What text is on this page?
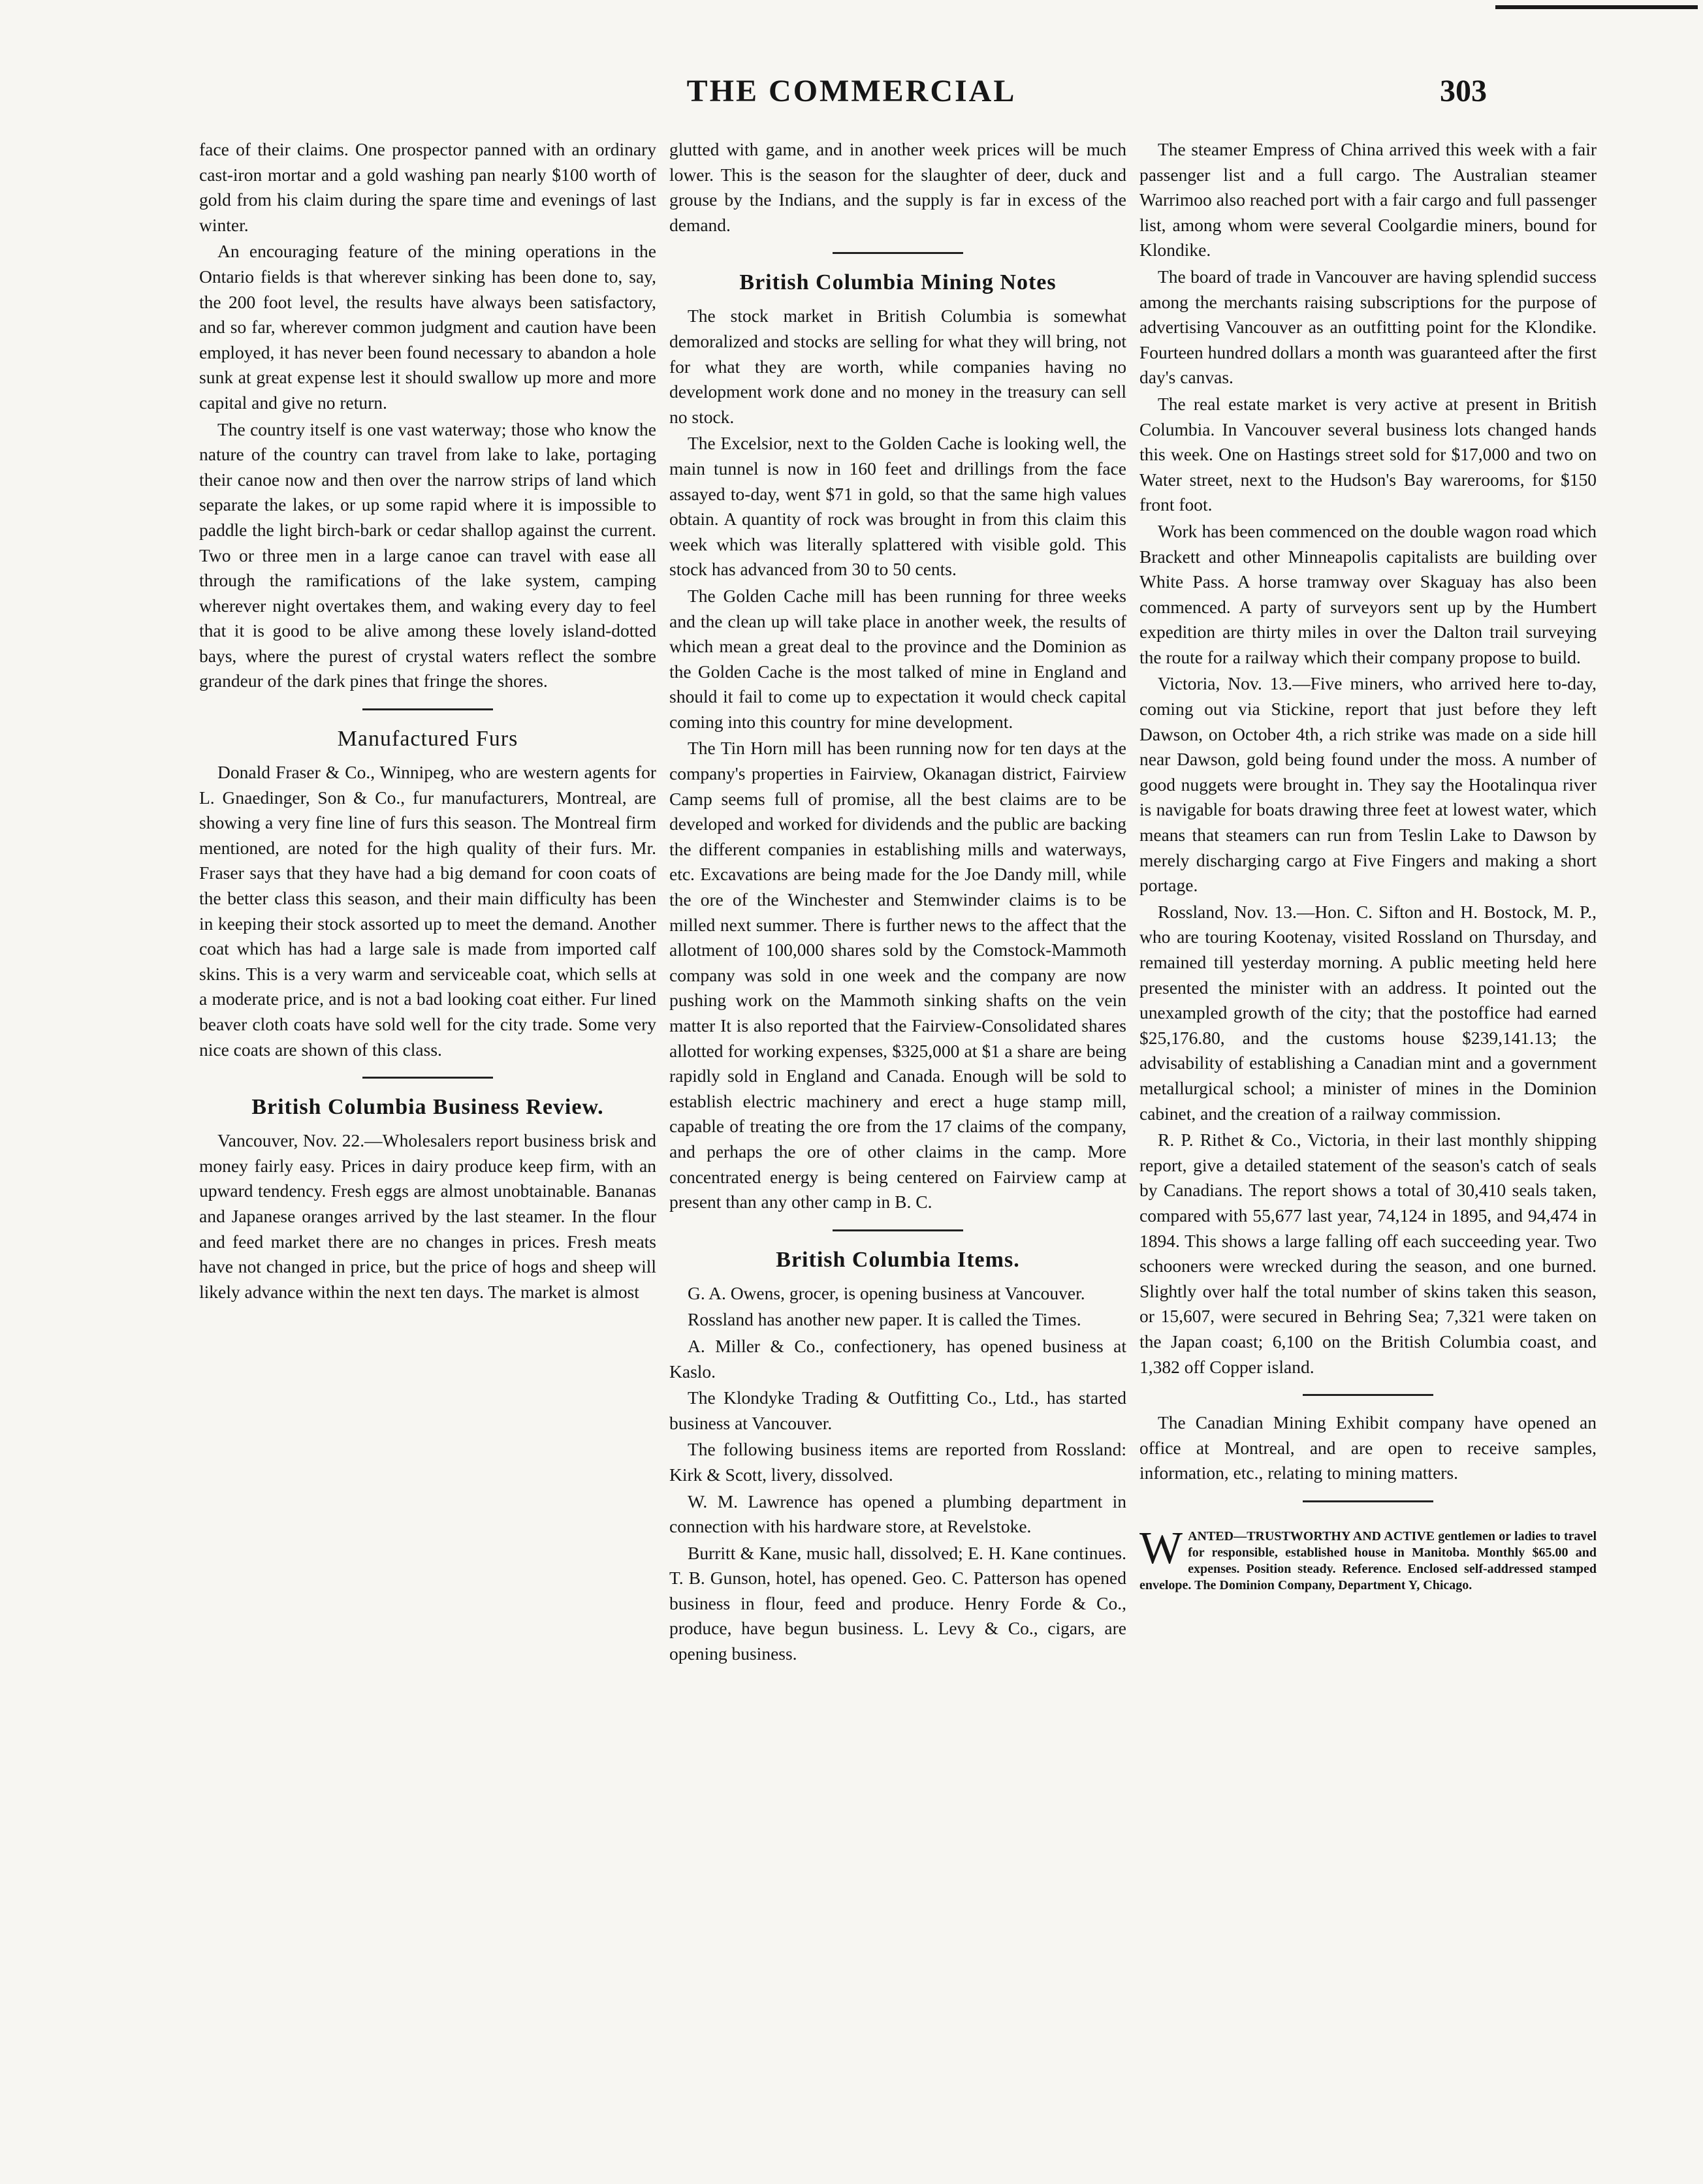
THE COMMERCIAL	303

face of their claims. One prospector panned with an ordinary cast-iron mortar and a gold washing pan nearly $100 worth of gold from his claim during the spare time and evenings of last winter.

An encouraging feature of the mining operations in the Ontario fields is that wherever sinking has been done to, say, the 200 foot level, the results have always been satisfactory, and so far, wherever common judgment and caution have been employed, it has never been found necessary to abandon a hole sunk at great expense lest it should swallow up more and more capital and give no return.

The country itself is one vast waterway; those who know the nature of the country can travel from lake to lake, portaging their canoe now and then over the narrow strips of land which separate the lakes, or up some rapid where it is impossible to paddle the light birch-bark or cedar shallop against the current. Two or three men in a large canoe can travel with ease all through the ramifications of the lake system, camping wherever night overtakes them, and waking every day to feel that it is good to be alive among these lovely island-dotted bays, where the purest of crystal waters reflect the sombre grandeur of the dark pines that fringe the shores.

Manufactured Furs

Donald Fraser & Co., Winnipeg, who are western agents for L. Gnaedinger, Son & Co., fur manufacturers, Montreal, are showing a very fine line of furs this season. The Montreal firm mentioned, are noted for the high quality of their furs. Mr. Fraser says that they have had a big demand for coon coats of the better class this season, and their main difficulty has been in keeping their stock assorted up to meet the demand. Another coat which has had a large sale is made from imported calf skins. This is a very warm and serviceable coat, which sells at a moderate price, and is not a bad looking coat either. Fur lined beaver cloth coats have sold well for the city trade. Some very nice coats are shown of this class.

British Columbia Business Review.

Vancouver, Nov. 22.—Wholesalers report business brisk and money fairly easy. Prices in dairy produce keep firm, with an upward tendency. Fresh eggs are almost unobtainable. Bananas and Japanese oranges arrived by the last steamer. In the flour and feed market there are no changes in prices. Fresh meats have not changed in price, but the price of hogs and sheep will likely advance within the next ten days. The market is almost

glutted with game, and in another week prices will be much lower. This is the season for the slaughter of deer, duck and grouse by the Indians, and the supply is far in excess of the demand.

British Columbia Mining Notes

The stock market in British Columbia is somewhat demoralized and stocks are selling for what they will bring, not for what they are worth, while companies having no development work done and no money in the treasury can sell no stock.

The Excelsior, next to the Golden Cache is looking well, the main tunnel is now in 160 feet and drillings from the face assayed to-day, went $71 in gold, so that the same high values obtain. A quantity of rock was brought in from this claim this week which was literally splattered with visible gold. This stock has advanced from 30 to 50 cents.

The Golden Cache mill has been running for three weeks and the clean up will take place in another week, the results of which mean a great deal to the province and the Dominion as the Golden Cache is the most talked of mine in England and should it fail to come up to expectation it would check capital coming into this country for mine development.

The Tin Horn mill has been running now for ten days at the company's properties in Fairview, Okanagan district, Fairview Camp seems full of promise, all the best claims are to be developed and worked for dividends and the public are backing the different companies in establishing mills and waterways, etc. Excavations are being made for the Joe Dandy mill, while the ore of the Winchester and Stemwinder claims is to be milled next summer. There is further news to the affect that the allotment of 100,000 shares sold by the Comstock-Mammoth company was sold in one week and the company are now pushing work on the Mammoth sinking shafts on the vein matter It is also reported that the Fairview-Consolidated shares allotted for working expenses, $325,000 at $1 a share are being rapidly sold in England and Canada. Enough will be sold to establish electric machinery and erect a huge stamp mill, capable of treating the ore from the 17 claims of the company, and perhaps the ore of other claims in the camp. More concentrated energy is being centered on Fairview camp at present than any other camp in B. C.

British Columbia Items.

G. A. Owens, grocer, is opening business at Vancouver.

Rossland has another new paper. It is called the Times.

A. Miller & Co., confectionery, has opened business at Kaslo.

The Klondyke Trading & Outfitting Co., Ltd., has started business at Vancouver.

The following business items are reported from Rossland: Kirk & Scott, livery, dissolved.

W. M. Lawrence has opened a plumbing department in connection with his hardware store, at Revelstoke.

Burritt & Kane, music hall, dissolved; E. H. Kane continues. T. B. Gunson, hotel, has opened. Geo. C. Patterson has opened business in flour, feed and produce. Henry Forde & Co., produce, have begun business. L. Levy & Co., cigars, are opening business.

The steamer Empress of China arrived this week with a fair passenger list and a full cargo. The Australian steamer Warrimoo also reached port with a fair cargo and full passenger list, among whom were several Coolgardie miners, bound for Klondike.

The board of trade in Vancouver are having splendid success among the merchants raising subscriptions for the purpose of advertising Vancouver as an outfitting point for the Klondike. Fourteen hundred dollars a month was guaranteed after the first day's canvas.

The real estate market is very active at present in British Columbia. In Vancouver several business lots changed hands this week. One on Hastings street sold for $17,000 and two on Water street, next to the Hudson's Bay warerooms, for $150 front foot.

Work has been commenced on the double wagon road which Brackett and other Minneapolis capitalists are building over White Pass. A horse tramway over Skaguay has also been commenced. A party of surveyors sent up by the Humbert expedition are thirty miles in over the Dalton trail surveying the route for a railway which their company propose to build.

Victoria, Nov. 13.—Five miners, who arrived here to-day, coming out via Stickine, report that just before they left Dawson, on October 4th, a rich strike was made on a side hill near Dawson, gold being found under the moss. A number of good nuggets were brought in. They say the Hootalinqua river is navigable for boats drawing three feet at lowest water, which means that steamers can run from Teslin Lake to Dawson by merely discharging cargo at Five Fingers and making a short portage.

Rossland, Nov. 13.—Hon. C. Sifton and H. Bostock, M. P., who are touring Kootenay, visited Rossland on Thursday, and remained till yesterday morning. A public meeting held here presented the minister with an address. It pointed out the unexampled growth of the city; that the postoffice had earned $25,176.80, and the customs house $239,141.13; the advisability of establishing a Canadian mint and a government metallurgical school; a minister of mines in the Dominion cabinet, and the creation of a railway commission.

R. P. Rithet & Co., Victoria, in their last monthly shipping report, give a detailed statement of the season's catch of seals by Canadians. The report shows a total of 30,410 seals taken, compared with 55,677 last year, 74,124 in 1895, and 94,474 in 1894. This shows a large falling off each succeeding year. Two schooners were wrecked during the season, and one burned. Slightly over half the total number of skins taken this season, or 15,607, were secured in Behring Sea; 7,321 were taken on the Japan coast; 6,100 on the British Columbia coast, and 1,382 off Copper island.

The Canadian Mining Exhibit company have opened an office at Montreal, and are open to receive samples, information, etc., relating to mining matters.

W ANTED—TRUSTWORTHY AND ACTIVE gentlemen or ladies to travel for responsible, established house in Manitoba. Monthly $65.00 and expenses. Position steady. Reference. Enclosed self-addressed stamped envelope. The Dominion Company, Department Y, Chicago.
